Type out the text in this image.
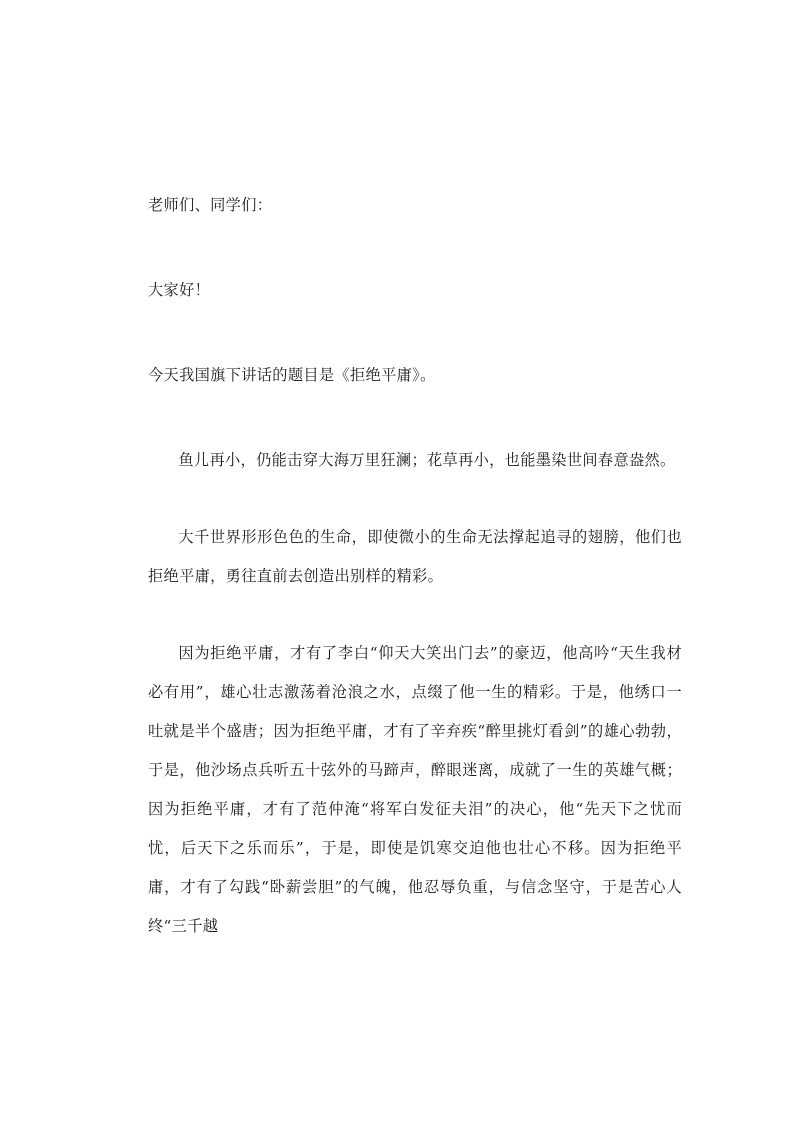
老师们、同学们：

大家好！

今天我国旗下讲话的题目是《拒绝平庸》。

鱼儿再小，仍能击穿大海万里狂澜；花草再小，也能墨染世间春意盎然。

大千世界形形色色的生命，即使微小的生命无法撑起追寻的翅膀，他们也拒绝平庸，勇往直前去创造出别样的精彩。

因为拒绝平庸，才有了李白“仰天大笑出门去”的豪迈，他高吟“天生我材必有用”，雄心壮志激荡着沧浪之水，点缀了他一生的精彩。于是，他绣口一吐就是半个盛唐；因为拒绝平庸，才有了辛弃疾“醉里挑灯看剑”的雄心勃勃，于是，他沙场点兵听五十弦外的马蹄声，醉眼迷离，成就了一生的英雄气概；因为拒绝平庸，才有了范仲淹“将军白发征夫泪”的决心，他“先天下之忧而忧，后天下之乐而乐”，于是，即使是饥寒交迫他也壮心不移。因为拒绝平庸，才有了勾践“卧薪尝胆”的气魄，他忍辱负重，与信念坚守，于是苦心人终“三千越
